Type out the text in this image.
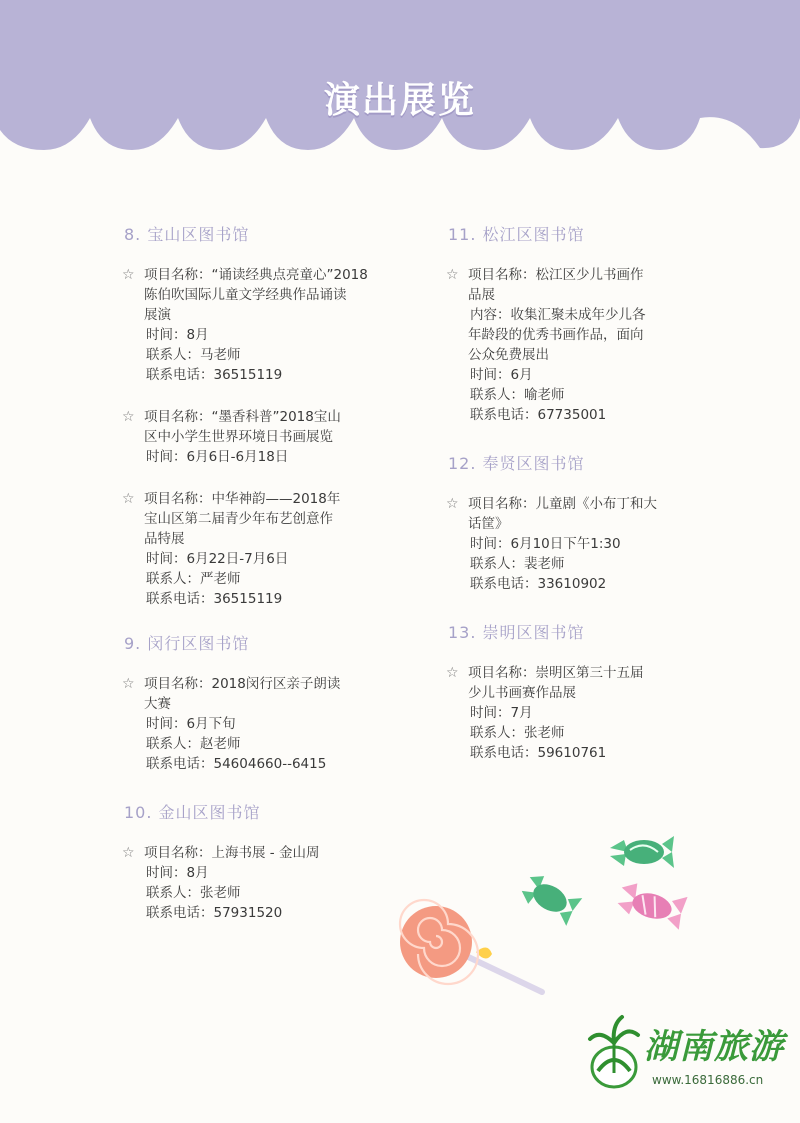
演出展览
8. 宝山区图书馆
☆ 项目名称：“诵读经典点亮童心”2018
陈伯吹国际儿童文学经典作品诵读
展演
时间：8月
联系人：马老师
联系电话：36515119
☆ 项目名称：“墨香科普”2018宝山
区中小学生世界环境日书画展览
时间：6月6日-6月18日
☆ 项目名称：中华神韵——2018年
宝山区第二届青少年布艺创意作
品特展
时间：6月22日-7月6日
联系人：严老师
联系电话：36515119
9. 闵行区图书馆
☆ 项目名称：2018闵行区亲子朗读
大赛
时间：6月下旬
联系人：赵老师
联系电话：54604660--6415
10. 金山区图书馆
☆ 项目名称：上海书展 - 金山周
时间：8月
联系人：张老师
联系电话：57931520
11. 松江区图书馆
☆ 项目名称：松江区少儿书画作
品展
内容：收集汇聚未成年少儿各
年龄段的优秀书画作品，面向
公众免费展出
时间：6月
联系人：喻老师
联系电话：67735001
12. 奉贤区图书馆
☆ 项目名称：儿童剧《小布丁和大
话筐》
时间：6月10日下午1:30
联系人：裴老师
联系电话：33610902
13. 崇明区图书馆
☆ 项目名称：崇明区第三十五届
少儿书画赛作品展
时间：7月
联系人：张老师
联系电话：59610761
湖南旅游
www.16816886.cn
